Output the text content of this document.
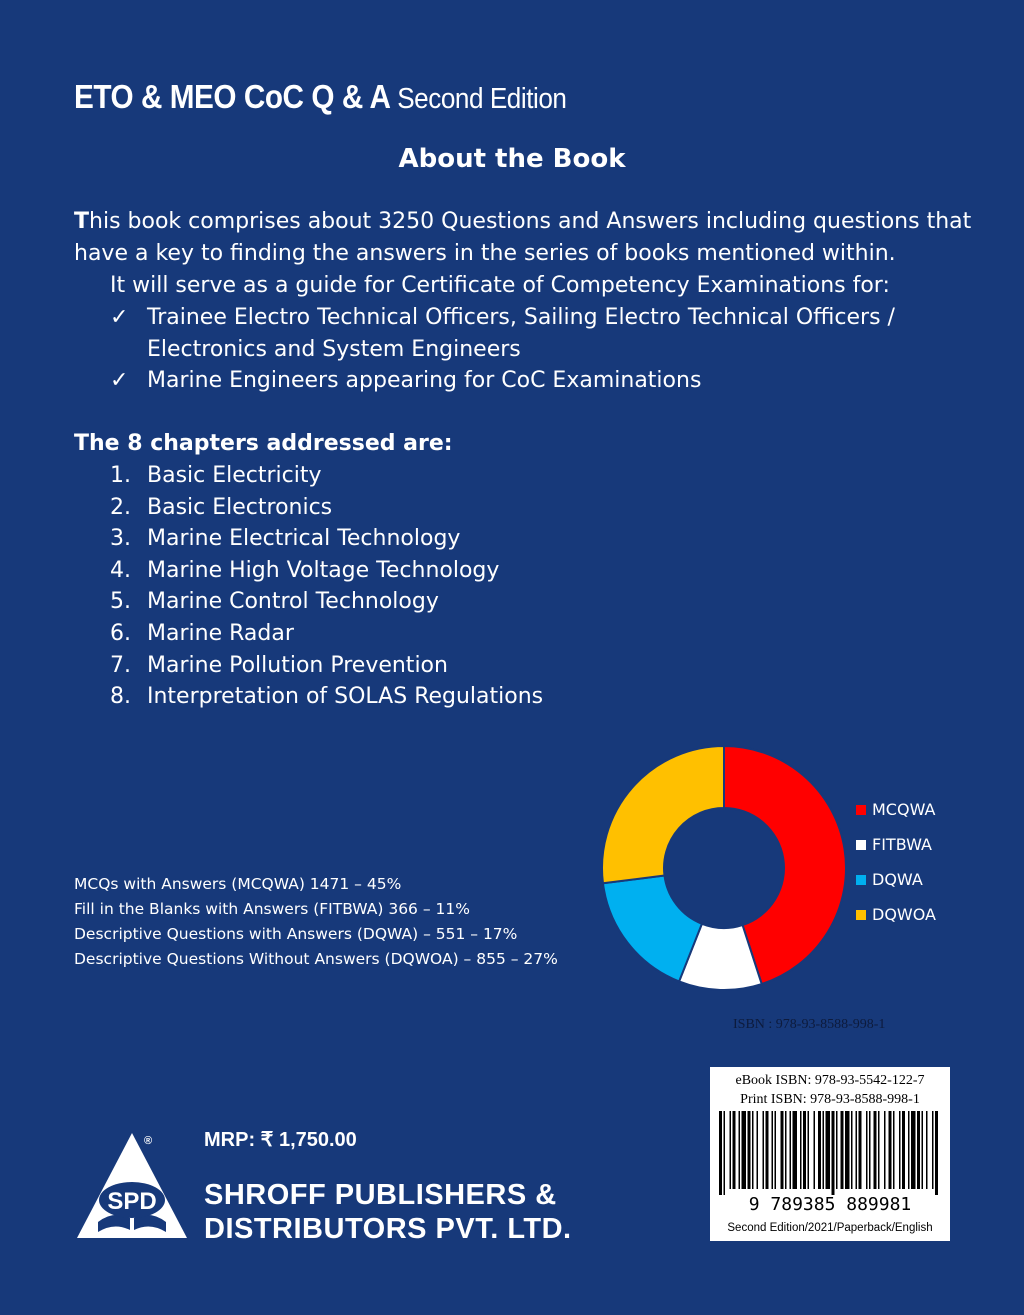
ETO & MEO CoC Q & A Second Edition
About the Book
This book comprises about 3250 Questions and Answers including questions that
have a key to finding the answers in the series of books mentioned within.
It will serve as a guide for Certificate of Competency Examinations for:
✓ Trainee Electro Technical Officers, Sailing Electro Technical Officers /
Electronics and System Engineers
✓ Marine Engineers appearing for CoC Examinations
The 8 chapters addressed are:
1. Basic Electricity
2. Basic Electronics
3. Marine Electrical Technology
4. Marine High Voltage Technology
5. Marine Control Technology
6. Marine Radar
7. Marine Pollution Prevention
8. Interpretation of SOLAS Regulations
MCQs with Answers (MCQWA) 1471 – 45%
Fill in the Blanks with Answers (FITBWA) 366 – 11%
Descriptive Questions with Answers (DQWA) – 551 – 17%
Descriptive Questions Without Answers (DQWOA) – 855 – 27%
MCQWA
FITBWA
DQWA
DQWOA
ISBN : 978-93-8588-998-1
eBook ISBN: 978-93-5542-122-7
Print ISBN: 978-93-8588-998-1
9 789385 889981
Second Edition/2021/Paperback/English
MRP: ₹ 1,750.00
SPD
®
SHROFF PUBLISHERS &
DISTRIBUTORS PVT. LTD.
